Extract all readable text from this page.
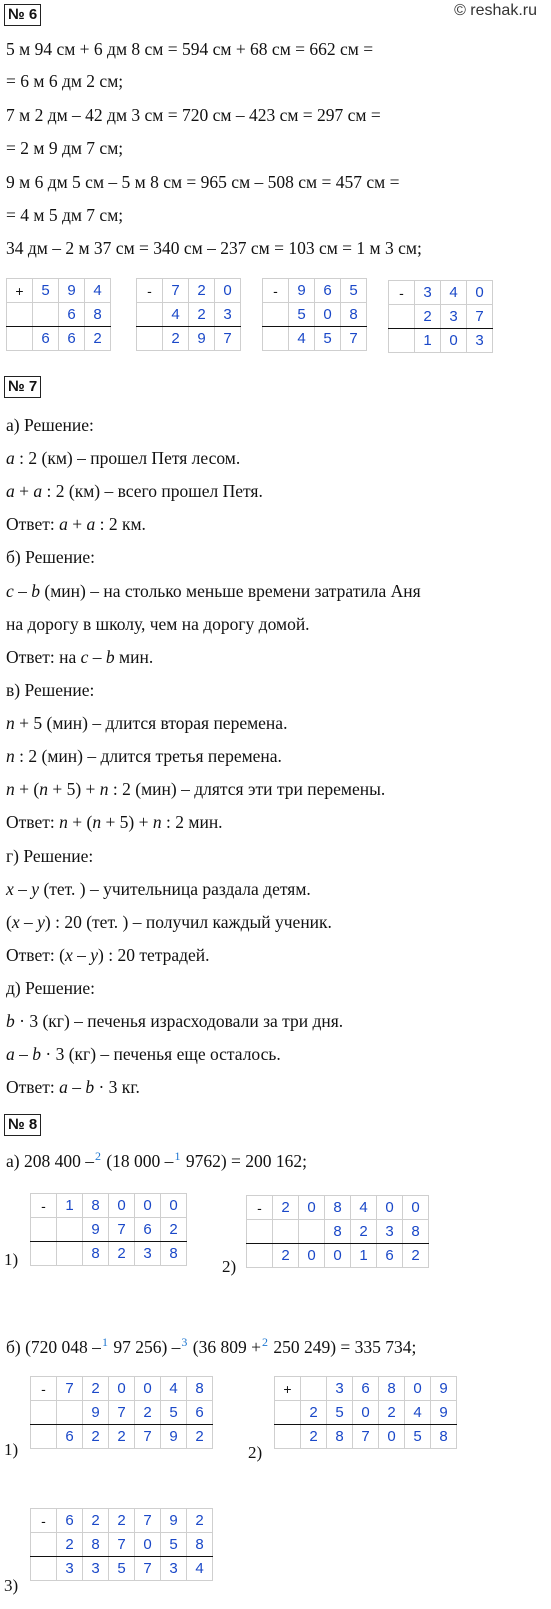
© reshak.ru
№ 6
5 м 94 см + 6 дм 8 см = 594 см + 68 см = 662 см =
= 6 м 6 дм 2 см;
7 м 2 дм – 42 дм 3 см = 720 см – 423 см = 297 см =
= 2 м 9 дм 7 см;
9 м 6 дм 5 см – 5 м 8 см = 965 см – 508 см = 457 см =
= 4 м 5 дм 7 см;
34 дм – 2 м 37 см = 340 см – 237 см = 103 см = 1 м 3 см;
+	5	9	4
		6	8
	6	6	2
-	7	2	0
	4	2	3
	2	9	7
-	9	6	5
	5	0	8
	4	5	7
-	3	4	0
	2	3	7
	1	0	3
№ 7
а) Решение:
a : 2 (км) – прошел Петя лесом.
a + a : 2 (км) – всего прошел Петя.
Ответ: a + a : 2 км.
б) Решение:
c – b (мин) – на столько меньше времени затратила Аня
на дорогу в школу, чем на дорогу домой.
Ответ: на c – b мин.
в) Решение:
n + 5 (мин) – длится вторая перемена.
n : 2 (мин) – длится третья перемена.
n + (n + 5) + n : 2 (мин) – длятся эти три перемены.
Ответ: n + (n + 5) + n : 2 мин.
г) Решение:
x – y (тет. ) – учительница раздала детям.
(x – y) : 20 (тет. ) – получил каждый ученик.
Ответ: (x – y) : 20 тетрадей.
д) Решение:
b · 3 (кг) – печенья израсходовали за три дня.
a – b · 3 (кг) – печенья еще осталось.
Ответ: a – b · 3 кг.
№ 8
а) 208 400 –$^2$ (18 000 –$^1$ 9762) = 200 162;
1)
-	1	8	0	0	0
		9	7	6	2
		8	2	3	8
2)
-	2	0	8	4	0	0
			8	2	3	8
	2	0	0	1	6	2
б) (720 048 –$^1$ 97 256) –$^3$ (36 809 +$^2$ 250 249) = 335 734;
1)
-	7	2	0	0	4	8
		9	7	2	5	6
	6	2	2	7	9	2
2)
+		3	6	8	0	9
	2	5	0	2	4	9
	2	8	7	0	5	8
3)
-	6	2	2	7	9	2
	2	8	7	0	5	8
	3	3	5	7	3	4
